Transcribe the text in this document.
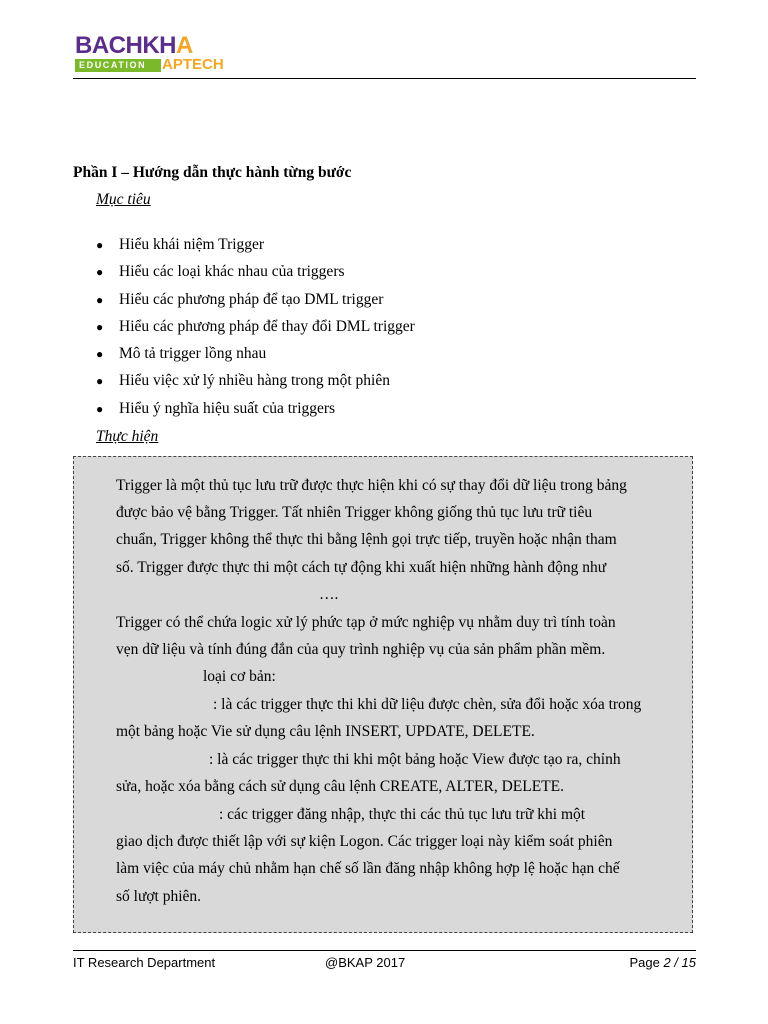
BACHKHA
EDUCATION	APTECH
Phần I – Hướng dẫn thực hành từng bước
Mục tiêu
● Hiểu khái niệm Trigger
● Hiểu các loại khác nhau của triggers
● Hiểu các phương pháp để tạo DML trigger
● Hiểu các phương pháp để thay đổi DML trigger
● Mô tả trigger lồng nhau
● Hiểu việc xử lý nhiều hàng trong một phiên
● Hiểu ý nghĩa hiệu suất của triggers
Thực hiện
Trigger là một thủ tục lưu trữ được thực hiện khi có sự thay đổi dữ liệu trong bảng
được bảo vệ bằng Trigger. Tất nhiên Trigger không giống thủ tục lưu trữ tiêu
chuẩn, Trigger không thể thực thi bằng lệnh gọi trực tiếp, truyền hoặc nhận tham
số. Trigger được thực thi một cách tự động khi xuất hiện những hành động như
….
Trigger có thể chứa logic xử lý phức tạp ở mức nghiệp vụ nhằm duy trì tính toàn
vẹn dữ liệu và tính đúng đắn của quy trình nghiệp vụ của sản phẩm phần mềm.
loại cơ bản:
: là các trigger thực thi khi dữ liệu được chèn, sửa đổi hoặc xóa trong
một bảng hoặc Vie sử dụng câu lệnh INSERT, UPDATE, DELETE.
: là các trigger thực thi khi một bảng hoặc View được tạo ra, chỉnh
sửa, hoặc xóa bằng cách sử dụng câu lệnh CREATE, ALTER, DELETE.
: các trigger đăng nhập, thực thi các thủ tục lưu trữ khi một
giao dịch được thiết lập với sự kiện Logon. Các trigger loại này kiểm soát phiên
làm việc của máy chủ nhằm hạn chế số lần đăng nhập không hợp lệ hoặc hạn chế
số lượt phiên.
IT Research Department	@BKAP 2017	Page 2 / 15
